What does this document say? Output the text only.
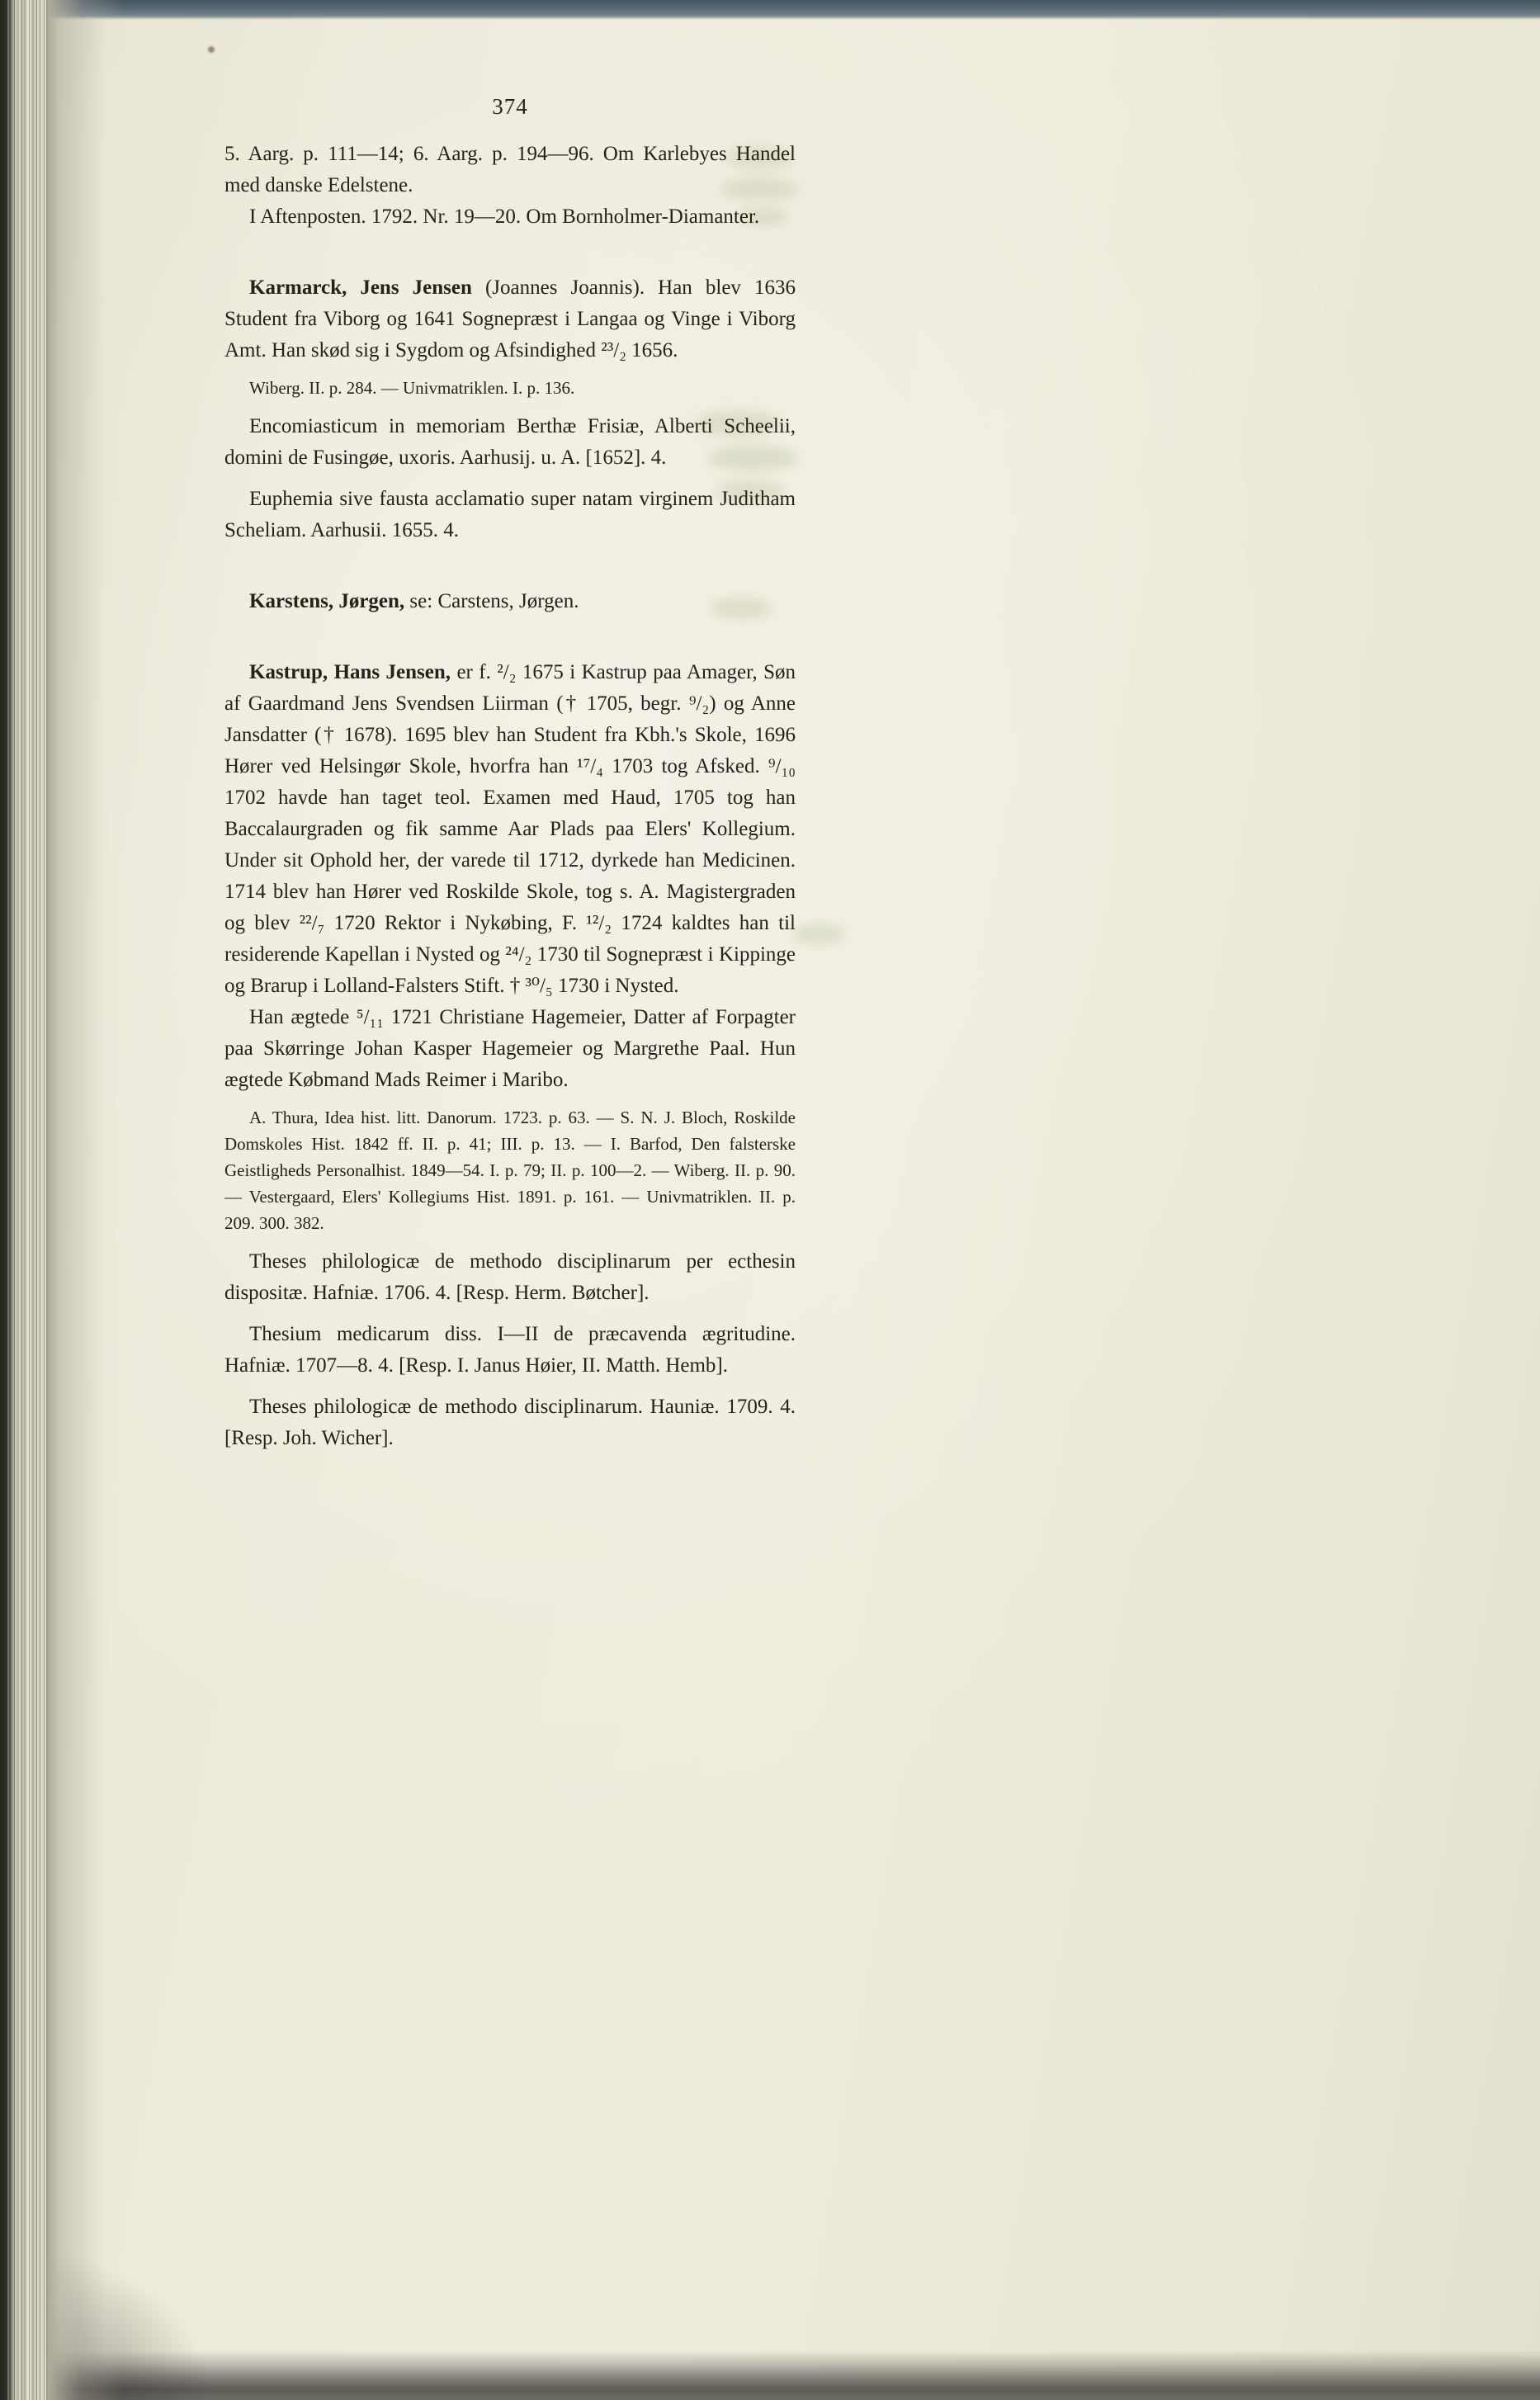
374

5. Aarg. p. 111—14; 6. Aarg. p. 194—96. Om Karlebyes Handel med danske Edelstene.

I Aftenposten. 1792. Nr. 19—20. Om Bornholmer-Diamanter.

Karmarck, Jens Jensen (Joannes Joannis). Han blev 1636 Student fra Viborg og 1641 Sognepræst i Langaa og Vinge i Viborg Amt. Han skød sig i Sygdom og Afsindighed ²³/₂ 1656.

Wiberg. II. p. 284. — Univmatriklen. I. p. 136.

Encomiasticum in memoriam Berthæ Frisiæ, Alberti Scheelii, domini de Fusingøe, uxoris. Aarhusij. u. A. [1652]. 4.

Euphemia sive fausta acclamatio super natam virginem Juditham Scheliam. Aarhusii. 1655. 4.

Karstens, Jørgen, se: Carstens, Jørgen.

Kastrup, Hans Jensen, er f. ²/₂ 1675 i Kastrup paa Amager, Søn af Gaardmand Jens Svendsen Liirman († 1705, begr. ⁹/₂) og Anne Jansdatter († 1678). 1695 blev han Student fra Kbh.'s Skole, 1696 Hører ved Helsingør Skole, hvorfra han ¹⁷/₄ 1703 tog Afsked. ⁹/₁₀ 1702 havde han taget teol. Examen med Haud, 1705 tog han Baccalaurgraden og fik samme Aar Plads paa Elers' Kollegium. Under sit Ophold her, der varede til 1712, dyrkede han Medicinen. 1714 blev han Hører ved Roskilde Skole, tog s. A. Magistergraden og blev ²²/₇ 1720 Rektor i Nykøbing, F. ¹²/₂ 1724 kaldtes han til residerende Kapellan i Nysted og ²⁴/₂ 1730 til Sognepræst i Kippinge og Brarup i Lolland-Falsters Stift. † ³⁰/₅ 1730 i Nysted.

Han ægtede ⁵/₁₁ 1721 Christiane Hagemeier, Datter af Forpagter paa Skørringe Johan Kasper Hagemeier og Margrethe Paal. Hun ægtede Købmand Mads Reimer i Maribo.

A. Thura, Idea hist. litt. Danorum. 1723. p. 63. — S. N. J. Bloch, Roskilde Domskoles Hist. 1842 ff. II. p. 41; III. p. 13. — I. Barfod, Den falsterske Geistligheds Personalhist. 1849—54. I. p. 79; II. p. 100—2. — Wiberg. II. p. 90. — Vestergaard, Elers' Kollegiums Hist. 1891. p. 161. — Univmatriklen. II. p. 209. 300. 382.

Theses philologicæ de methodo disciplinarum per ecthesin dispositæ. Hafniæ. 1706. 4. [Resp. Herm. Bøtcher].

Thesium medicarum diss. I—II de præcavenda ægritudine. Hafniæ. 1707—8. 4. [Resp. I. Janus Høier, II. Matth. Hemb].

Theses philologicæ de methodo disciplinarum. Hauniæ. 1709. 4. [Resp. Joh. Wicher].
